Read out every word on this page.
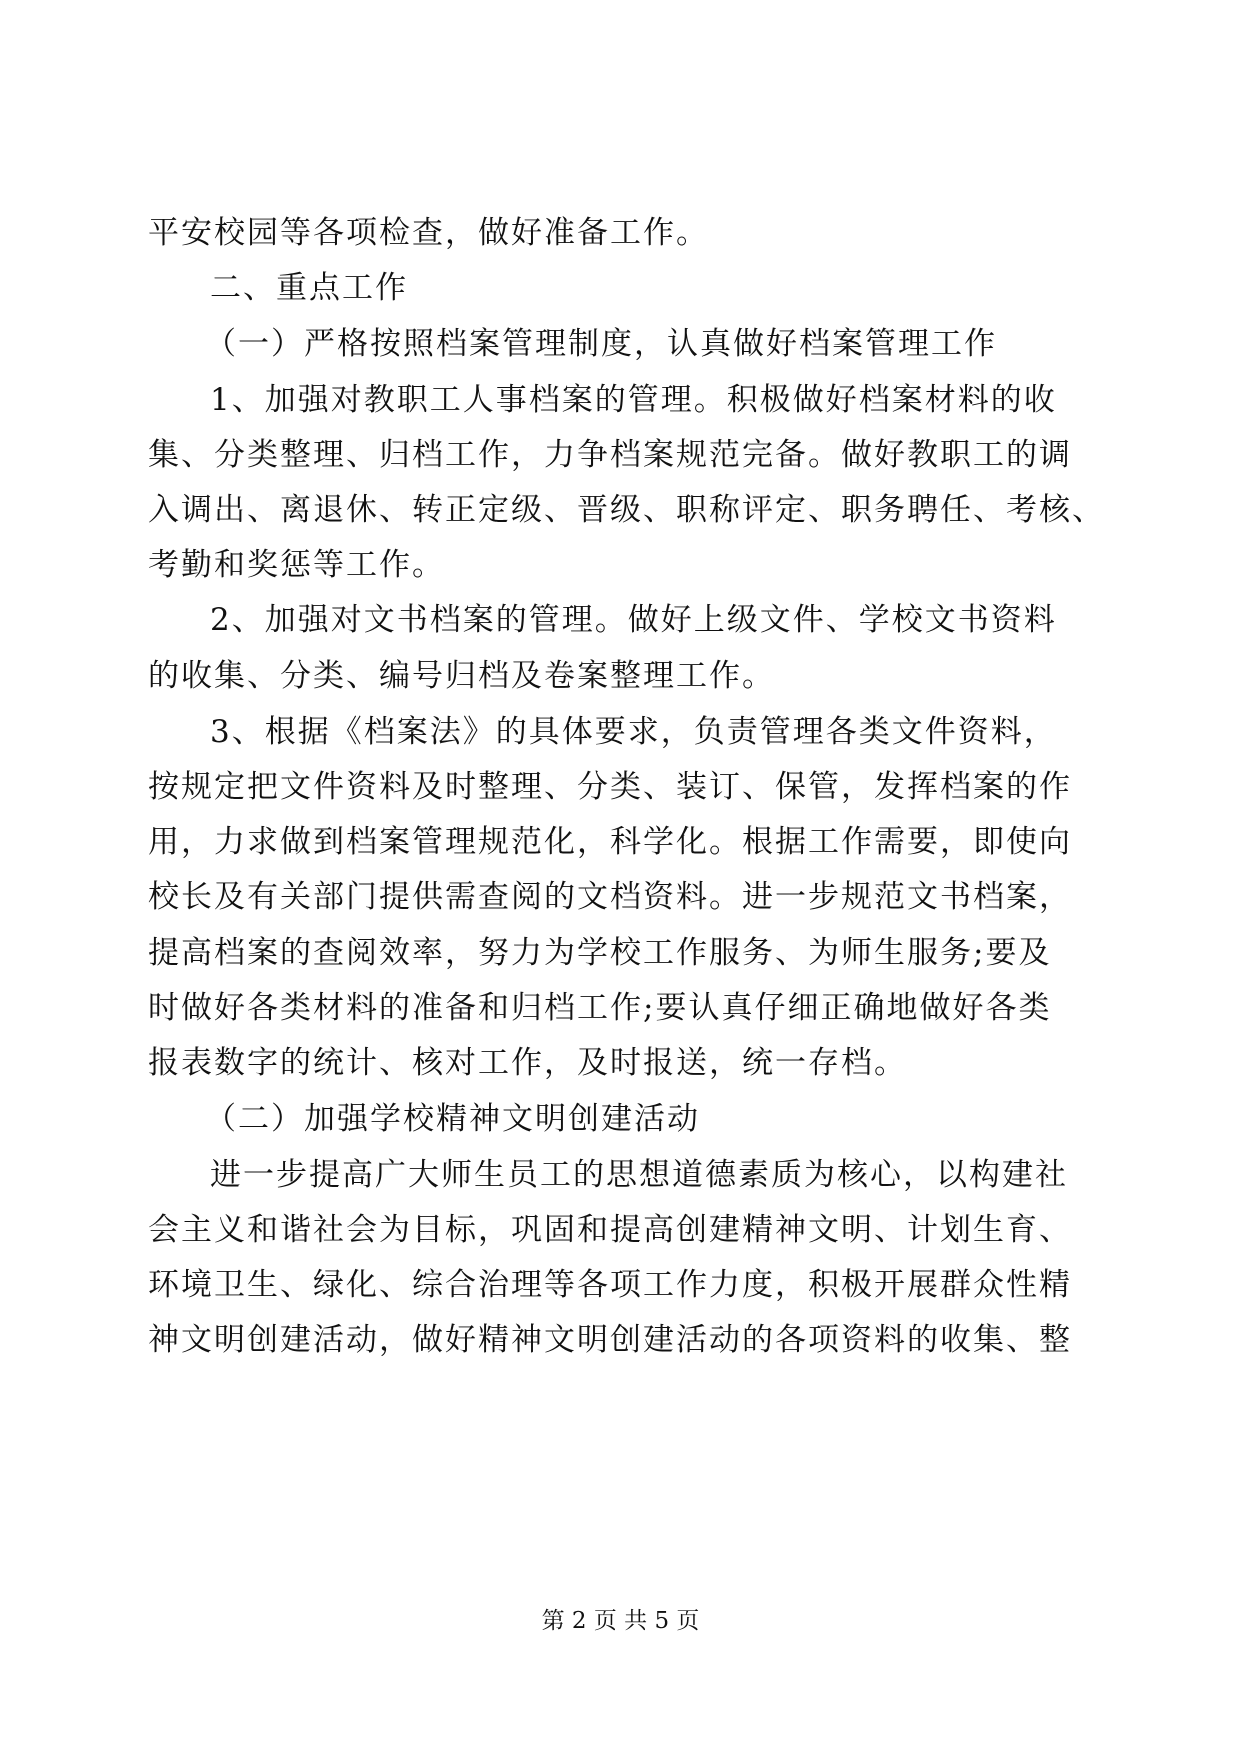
平安校园等各项检查，做好准备工作。
二、重点工作
（一）严格按照档案管理制度，认真做好档案管理工作
1、加强对教职工人事档案的管理。积极做好档案材料的收
集、分类整理、归档工作，力争档案规范完备。做好教职工的调
入调出、离退休、转正定级、晋级、职称评定、职务聘任、考核、
考勤和奖惩等工作。
2、加强对文书档案的管理。做好上级文件、学校文书资料
的收集、分类、编号归档及卷案整理工作。
3、根据《档案法》的具体要求，负责管理各类文件资料，
按规定把文件资料及时整理、分类、装订、保管，发挥档案的作
用，力求做到档案管理规范化，科学化。根据工作需要，即使向
校长及有关部门提供需查阅的文档资料。进一步规范文书档案，
提高档案的查阅效率，努力为学校工作服务、为师生服务;要及
时做好各类材料的准备和归档工作;要认真仔细正确地做好各类
报表数字的统计、核对工作，及时报送，统一存档。
（二）加强学校精神文明创建活动
进一步提高广大师生员工的思想道德素质为核心，以构建社
会主义和谐社会为目标，巩固和提高创建精神文明、计划生育、
环境卫生、绿化、综合治理等各项工作力度，积极开展群众性精
神文明创建活动，做好精神文明创建活动的各项资料的收集、整
第 2 页 共 5 页
